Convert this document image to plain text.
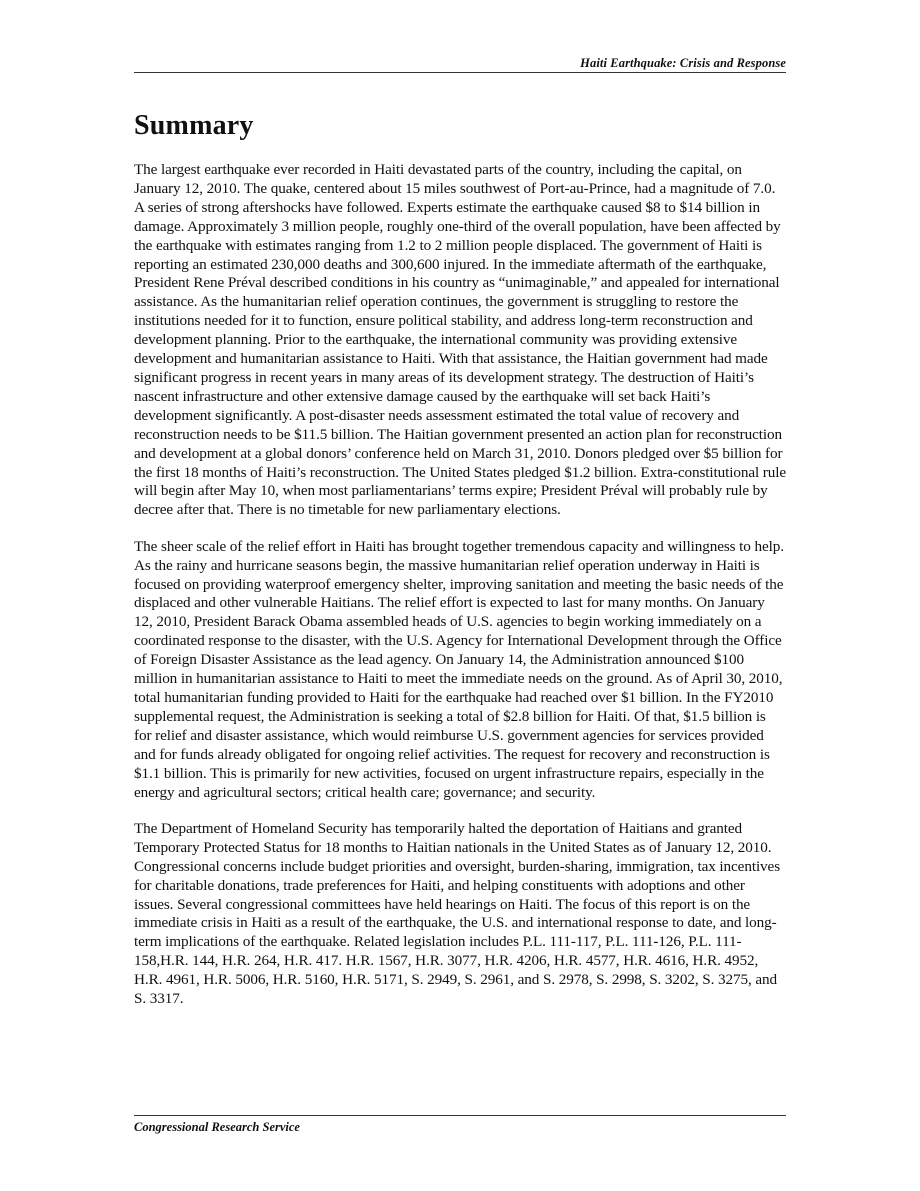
Haiti Earthquake: Crisis and Response
Summary

The largest earthquake ever recorded in Haiti devastated parts of the country, including the capital, on January 12, 2010. The quake, centered about 15 miles southwest of Port-au-Prince, had a magnitude of 7.0. A series of strong aftershocks have followed. Experts estimate the earthquake caused $8 to $14 billion in damage. Approximately 3 million people, roughly one-third of the overall population, have been affected by the earthquake with estimates ranging from 1.2 to 2 million people displaced. The government of Haiti is reporting an estimated 230,000 deaths and 300,600 injured. In the immediate aftermath of the earthquake, President Rene Préval described conditions in his country as “unimaginable,” and appealed for international assistance. As the humanitarian relief operation continues, the government is struggling to restore the institutions needed for it to function, ensure political stability, and address long-term reconstruction and development planning. Prior to the earthquake, the international community was providing extensive development and humanitarian assistance to Haiti. With that assistance, the Haitian government had made significant progress in recent years in many areas of its development strategy. The destruction of Haiti’s nascent infrastructure and other extensive damage caused by the earthquake will set back Haiti’s development significantly. A post-disaster needs assessment estimated the total value of recovery and reconstruction needs to be $11.5 billion. The Haitian government presented an action plan for reconstruction and development at a global donors’ conference held on March 31, 2010. Donors pledged over $5 billion for the first 18 months of Haiti’s reconstruction. The United States pledged $1.2 billion. Extra-constitutional rule will begin after May 10, when most parliamentarians’ terms expire; President Préval will probably rule by decree after that. There is no timetable for new parliamentary elections.

The sheer scale of the relief effort in Haiti has brought together tremendous capacity and willingness to help. As the rainy and hurricane seasons begin, the massive humanitarian relief operation underway in Haiti is focused on providing waterproof emergency shelter, improving sanitation and meeting the basic needs of the displaced and other vulnerable Haitians. The relief effort is expected to last for many months. On January 12, 2010, President Barack Obama assembled heads of U.S. agencies to begin working immediately on a coordinated response to the disaster, with the U.S. Agency for International Development through the Office of Foreign Disaster Assistance as the lead agency. On January 14, the Administration announced $100 million in humanitarian assistance to Haiti to meet the immediate needs on the ground. As of April 30, 2010, total humanitarian funding provided to Haiti for the earthquake had reached over $1 billion. In the FY2010 supplemental request, the Administration is seeking a total of $2.8 billion for Haiti. Of that, $1.5 billion is for relief and disaster assistance, which would reimburse U.S. government agencies for services provided and for funds already obligated for ongoing relief activities. The request for recovery and reconstruction is $1.1 billion. This is primarily for new activities, focused on urgent infrastructure repairs, especially in the energy and agricultural sectors; critical health care; governance; and security.

The Department of Homeland Security has temporarily halted the deportation of Haitians and granted Temporary Protected Status for 18 months to Haitian nationals in the United States as of January 12, 2010. Congressional concerns include budget priorities and oversight, burden-sharing, immigration, tax incentives for charitable donations, trade preferences for Haiti, and helping constituents with adoptions and other issues. Several congressional committees have held hearings on Haiti. The focus of this report is on the immediate crisis in Haiti as a result of the earthquake, the U.S. and international response to date, and long-term implications of the earthquake. Related legislation includes P.L. 111-117, P.L. 111-126, P.L. 111-158,H.R. 144, H.R. 264, H.R. 417. H.R. 1567, H.R. 3077, H.R. 4206, H.R. 4577, H.R. 4616, H.R. 4952, H.R. 4961, H.R. 5006, H.R. 5160, H.R. 5171, S. 2949, S. 2961, and S. 2978, S. 2998, S. 3202, S. 3275, and S. 3317.

Congressional Research Service
